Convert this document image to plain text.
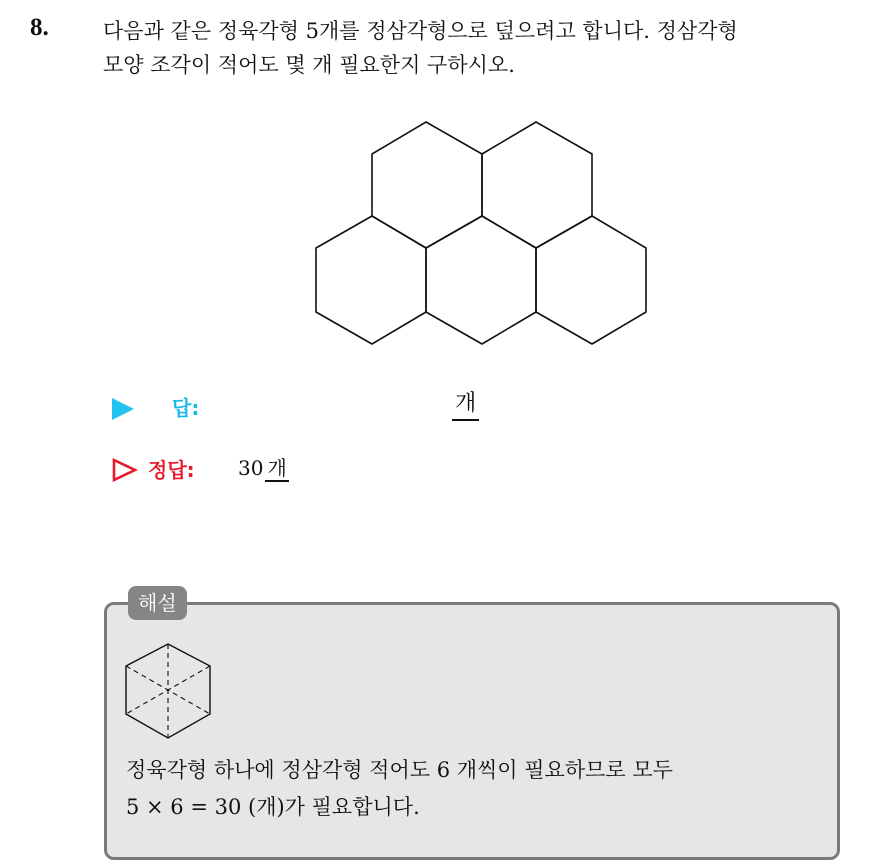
8.	다음과 같은 정육각형 5개를 정삼각형으로 덮으려고 합니다. 정삼각형
모양 조각이 적어도 몇 개 필요한지 구하시오.
답:	개
정답: 30 개
해설
정육각형 하나에 정삼각형 적어도 6 개씩이 필요하므로 모두
5 × 6 = 30 (개)가 필요합니다.
